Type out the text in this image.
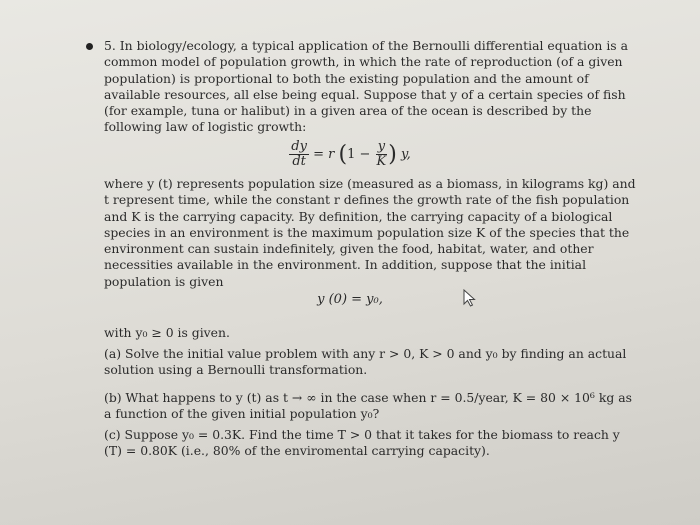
5. In biology/ecology, a typical application of the Bernoulli differential equation is a common model of population growth, in which the rate of reproduction (of a given population) is proportional to both the existing population and the amount of available resources, all else being equal. Suppose that y of a certain species of fish (for example, tuna or halibut) in a given area of the ocean is described by the following law of logistic growth:
$\frac{dy}{dt} = r$ ($1 - \frac{y}{K}$ ) y,
where y (t) represents population size (measured as a biomass, in kilograms kg) and t represent time, while the constant r defines the growth rate of the fish population and K is the carrying capacity. By definition, the carrying capacity of a biological species in an environment is the maximum population size K of the species that the environment can sustain indefinitely, given the food, habitat, water, and other necessities available in the environment. In addition, suppose that the initial population is given
y (0) = y₀,
with y₀ ≥ 0 is given.
(a) Solve the initial value problem with any r > 0, K > 0 and y₀ by finding an actual solution using a Bernoulli transformation.
(b) What happens to y (t) as t → ∞ in the case when r = 0.5/year, K = 80 × 10⁶ kg as a function of the given initial population y₀?
(c) Suppose y₀ = 0.3K. Find the time T > 0 that it takes for the biomass to reach y (T) = 0.80K (i.e., 80% of the enviromental carrying capacity).
